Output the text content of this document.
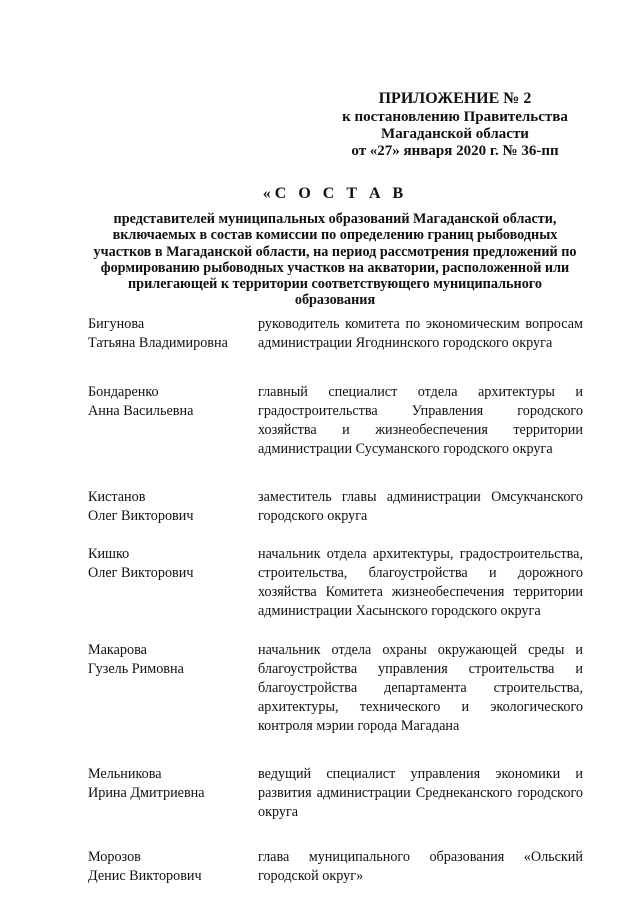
ПРИЛОЖЕНИЕ № 2
к постановлению Правительства
Магаданской области
от «27» января 2020 г. № 36-пп
«С О С Т А В
представителей муниципальных образований Магаданской области, включаемых в состав комиссии по определению границ рыбоводных участков в Магаданской области, на период рассмотрения предложений по формированию рыбоводных участков на акватории, расположенной или прилегающей к территории соответствующего муниципального образования
Бигунова
Татьяна Владимировна
руководитель комитета по экономическим вопросам администрации Ягоднинского городского округа
Бондаренко
Анна Васильевна
главный специалист отдела архитектуры и градостроительства Управления городского хозяйства и жизнеобеспечения территории администрации Сусуманского городского округа
Кистанов
Олег Викторович
заместитель главы администрации Омсукчанского городского округа
Кишко
Олег Викторович
начальник отдела архитектуры, градостроительства, строительства, благоустройства и дорожного хозяйства Комитета жизнеобеспечения территории администрации Хасынского городского округа
Макарова
Гузель Римовна
начальник отдела охраны окружающей среды и благоустройства управления строительства и благоустройства департамента строительства, архитектуры, технического и экологического контроля мэрии города Магадана
Мельникова
Ирина Дмитриевна
ведущий специалист управления экономики и развития администрации Среднеканского городского округа
Морозов
Денис Викторович
глава муниципального образования «Ольский городской округ»
